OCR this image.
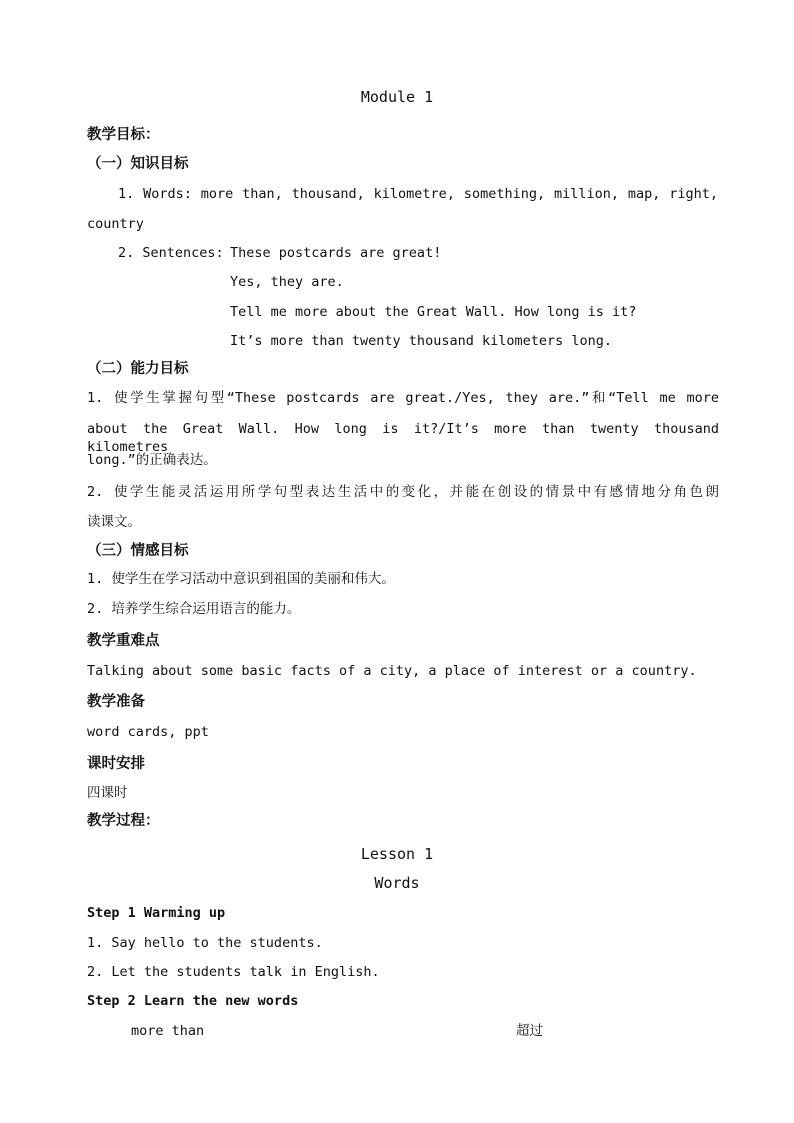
Module 1
教学目标：
（一）知识目标
1. Words: more than, thousand, kilometre, something, million, map, right,
country
2. Sentences: These postcards are great!
Yes, they are.
Tell me more about the Great Wall. How long is it?
It’s more than twenty thousand kilometers long.
（二）能力目标
1. 使学生掌握句型“These postcards are great./Yes, they are.”和“Tell me more
about the Great Wall. How long is it?/It’s more than twenty thousand kilometres
long.”的正确表达。
2. 使学生能灵活运用所学句型表达生活中的变化，并能在创设的情景中有感情地分角色朗
读课文。
（三）情感目标
1. 使学生在学习活动中意识到祖国的美丽和伟大。
2. 培养学生综合运用语言的能力。
教学重难点
Talking about some basic facts of a city, a place of interest or a country.
教学准备
word cards, ppt
课时安排
四课时
教学过程：
Lesson 1
Words
Step 1 Warming up
1. Say hello to the students.
2. Let the students talk in English.
Step 2 Learn the new words
more than	超过
